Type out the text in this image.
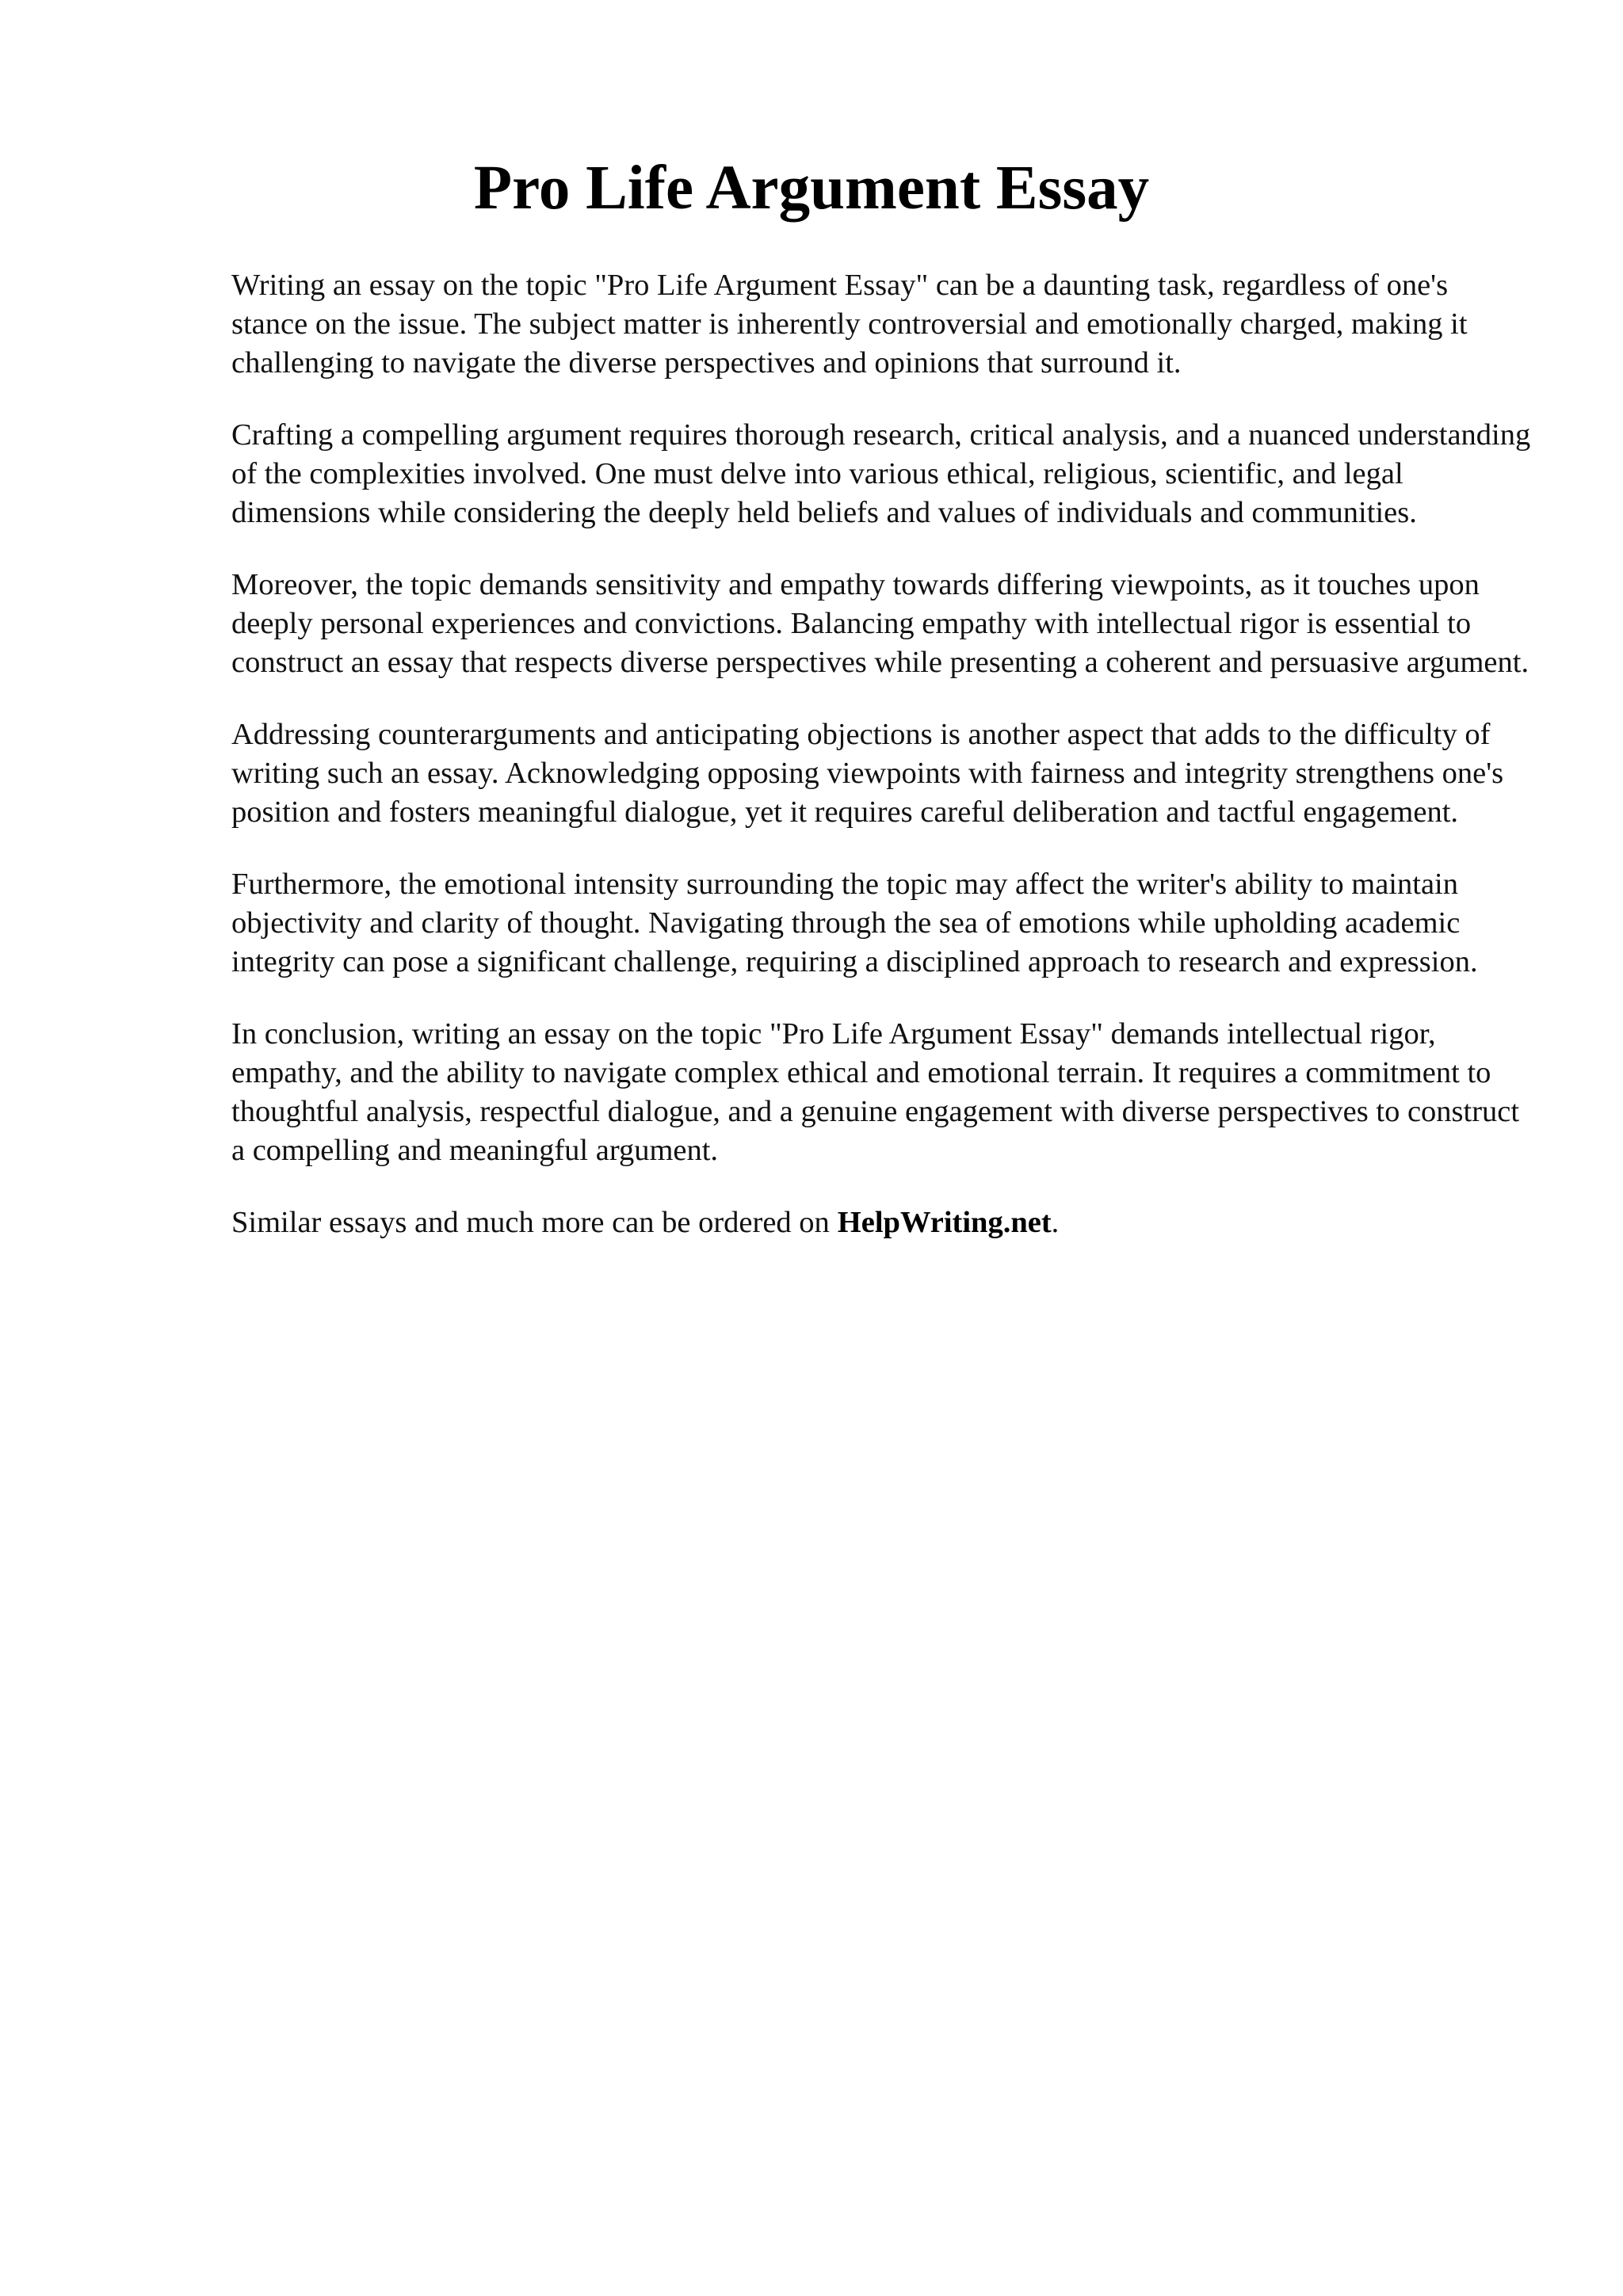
Pro Life Argument Essay

Writing an essay on the topic "Pro Life Argument Essay" can be a daunting task, regardless of one's stance on the issue. The subject matter is inherently controversial and emotionally charged, making it challenging to navigate the diverse perspectives and opinions that surround it.

Crafting a compelling argument requires thorough research, critical analysis, and a nuanced understanding of the complexities involved. One must delve into various ethical, religious, scientific, and legal dimensions while considering the deeply held beliefs and values of individuals and communities.

Moreover, the topic demands sensitivity and empathy towards differing viewpoints, as it touches upon deeply personal experiences and convictions. Balancing empathy with intellectual rigor is essential to construct an essay that respects diverse perspectives while presenting a coherent and persuasive argument.

Addressing counterarguments and anticipating objections is another aspect that adds to the difficulty of writing such an essay. Acknowledging opposing viewpoints with fairness and integrity strengthens one's position and fosters meaningful dialogue, yet it requires careful deliberation and tactful engagement.

Furthermore, the emotional intensity surrounding the topic may affect the writer's ability to maintain objectivity and clarity of thought. Navigating through the sea of emotions while upholding academic integrity can pose a significant challenge, requiring a disciplined approach to research and expression.

In conclusion, writing an essay on the topic "Pro Life Argument Essay" demands intellectual rigor, empathy, and the ability to navigate complex ethical and emotional terrain. It requires a commitment to thoughtful analysis, respectful dialogue, and a genuine engagement with diverse perspectives to construct a compelling and meaningful argument.

Similar essays and much more can be ordered on HelpWriting.net.
